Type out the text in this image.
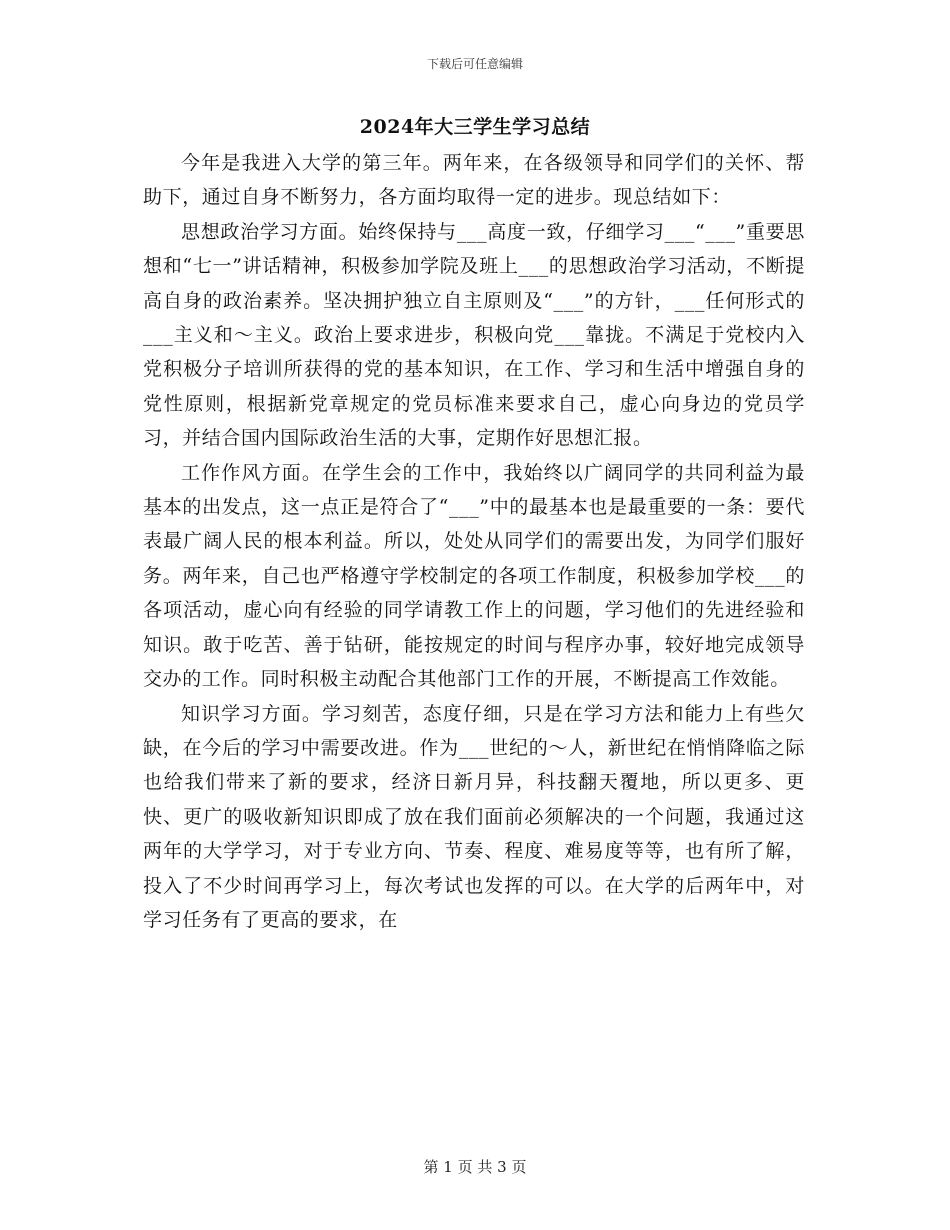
下载后可任意编辑
2024年大三学生学习总结

今年是我进入大学的第三年。两年来，在各级领导和同学们的关怀、帮助下，通过自身不断努力，各方面均取得一定的进步。现总结如下：

思想政治学习方面。始终保持与___高度一致，仔细学习___“___”重要思想和“七一”讲话精神，积极参加学院及班上___的思想政治学习活动，不断提高自身的政治素养。坚决拥护独立自主原则及“___”的方针，___任何形式的___主义和～主义。政治上要求进步，积极向党___靠拢。不满足于党校内入党积极分子培训所获得的党的基本知识，在工作、学习和生活中增强自身的党性原则，根据新党章规定的党员标准来要求自己，虚心向身边的党员学习，并结合国内国际政治生活的大事，定期作好思想汇报。

工作作风方面。在学生会的工作中，我始终以广阔同学的共同利益为最基本的出发点，这一点正是符合了“___”中的最基本也是最重要的一条：要代表最广阔人民的根本利益。所以，处处从同学们的需要出发，为同学们服好务。两年来，自己也严格遵守学校制定的各项工作制度，积极参加学校___的各项活动，虚心向有经验的同学请教工作上的问题，学习他们的先进经验和知识。敢于吃苦、善于钻研，能按规定的时间与程序办事，较好地完成领导交办的工作。同时积极主动配合其他部门工作的开展，不断提高工作效能。

知识学习方面。学习刻苦，态度仔细，只是在学习方法和能力上有些欠缺，在今后的学习中需要改进。作为___世纪的～人，新世纪在悄悄降临之际也给我们带来了新的要求，经济日新月异，科技翻天覆地，所以更多、更快、更广的吸收新知识即成了放在我们面前必须解决的一个问题，我通过这两年的大学学习，对于专业方向、节奏、程度、难易度等等，也有所了解，投入了不少时间再学习上，每次考试也发挥的可以。在大学的后两年中，对学习任务有了更高的要求，在

第 1 页 共 3 页
